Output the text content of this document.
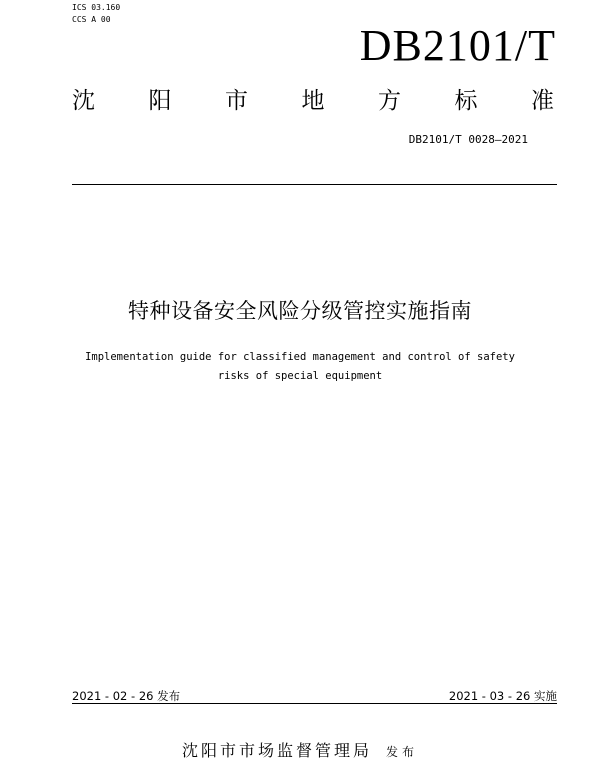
ICS 03.160
CCS A 00
DB2101/T
沈 阳 市 地 方 标 准
DB2101/T 0028—2021
特种设备安全风险分级管控实施指南
Implementation guide for classified management and control of safety
risks of special equipment
2021 - 02 - 26 发布	2021 - 03 - 26 实施
沈阳市市场监督管理局 发布
